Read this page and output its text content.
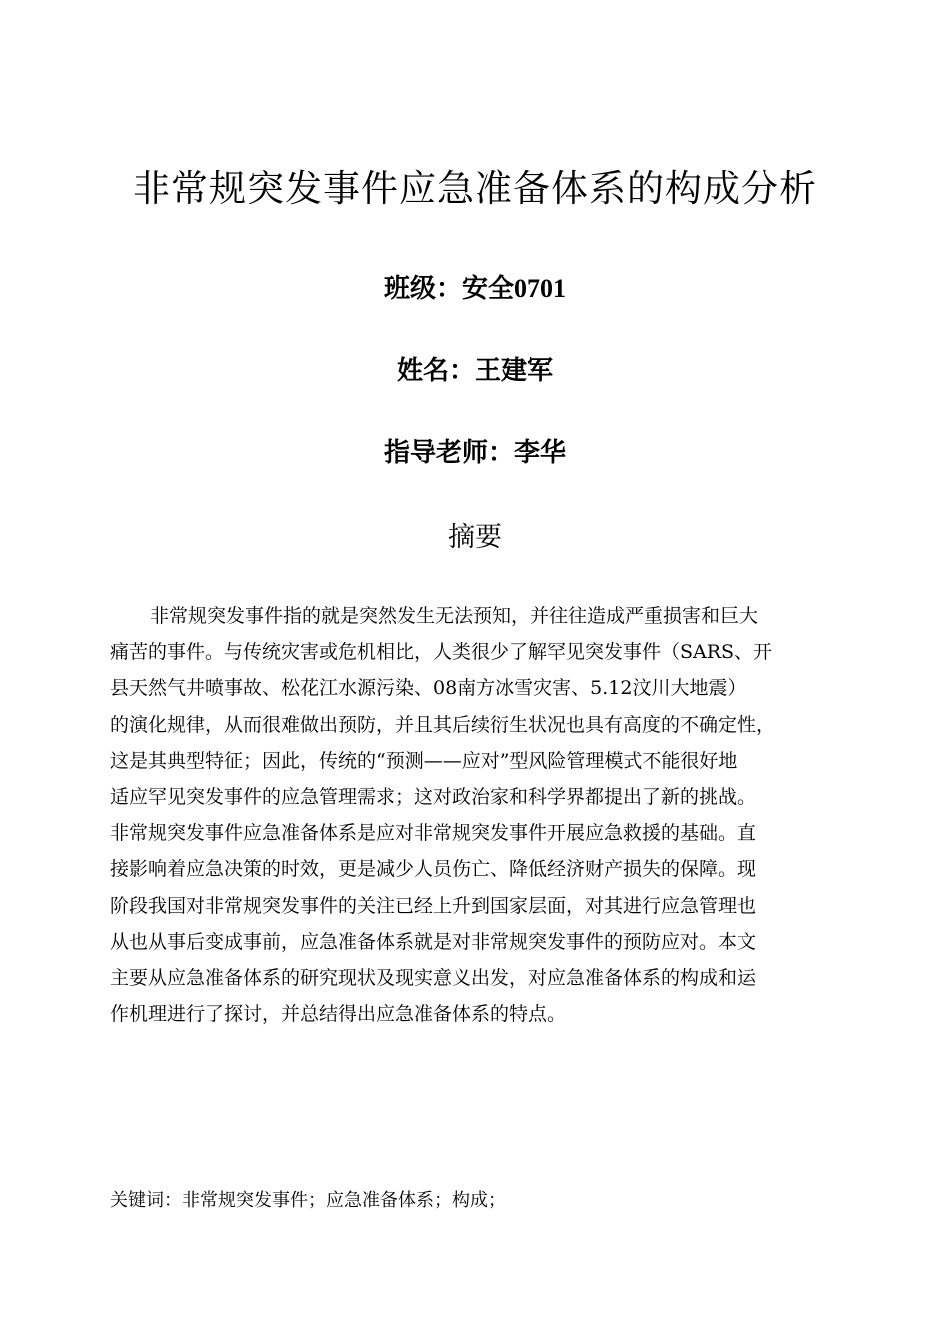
非常规突发事件应急准备体系的构成分析
班级：安全0701
姓名：王建军
指导老师：李华
摘要
非常规突发事件指的就是突然发生无法预知，并往往造成严重损害和巨大
痛苦的事件。与传统灾害或危机相比，人类很少了解罕见突发事件（SARS、开
县天然气井喷事故、松花江水源污染、08南方冰雪灾害、5.12汶川大地震）
的演化规律，从而很难做出预防，并且其后续衍生状况也具有高度的不确定性，
这是其典型特征；因此，传统的“预测——应对”型风险管理模式不能很好地
适应罕见突发事件的应急管理需求；这对政治家和科学界都提出了新的挑战。
非常规突发事件应急准备体系是应对非常规突发事件开展应急救援的基础。直
接影响着应急决策的时效，更是减少人员伤亡、降低经济财产损失的保障。现
阶段我国对非常规突发事件的关注已经上升到国家层面，对其进行应急管理也
从也从事后变成事前，应急准备体系就是对非常规突发事件的预防应对。本文
主要从应急准备体系的研究现状及现实意义出发，对应急准备体系的构成和运
作机理进行了探讨，并总结得出应急准备体系的特点。
关键词：非常规突发事件；应急准备体系；构成；
